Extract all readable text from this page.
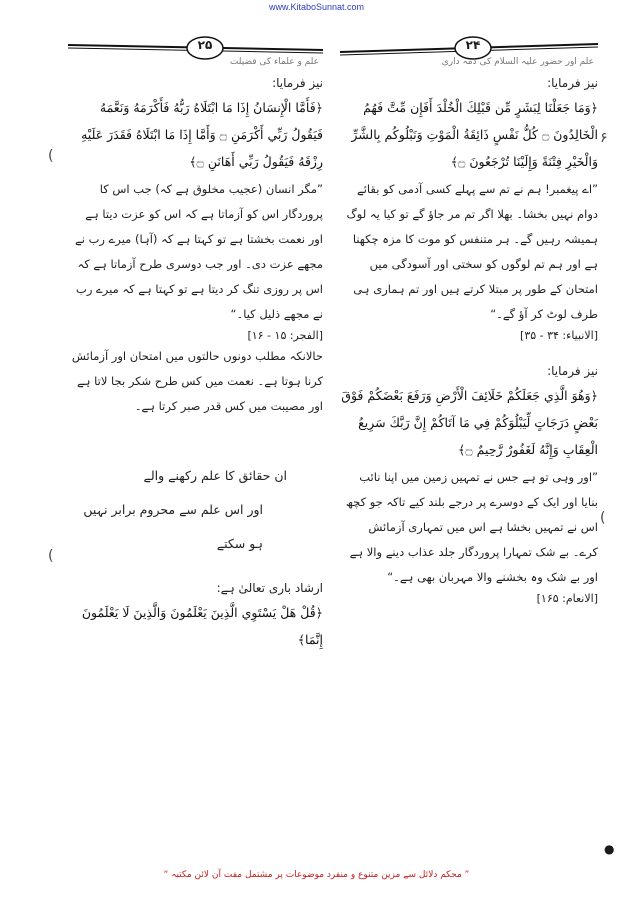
www.KitaboSunnat.com
۲۵
علم و علماء کی فضیلت
نیز فرمایا:
﴿فَأَمَّا الْإِنسَانُ إِذَا مَا ابْتَلَاهُ رَبُّهُ فَأَكْرَمَهُ وَنَعَّمَهُ فَيَقُولُ رَبِّي أَكْرَمَنِ ۝ وَأَمَّا إِذَا مَا ابْتَلَاهُ فَقَدَرَ عَلَيْهِ رِزْقَهُ فَيَقُولُ رَبِّي أَهَانَنِ ۝﴾
”مگر انسان (عجیب مخلوق ہے کہ) جب اس کا پروردگار اس کو آزماتا ہے کہ اس کو عزت دیتا ہے اور نعمت بخشتا ہے تو کہتا ہے کہ (آہا) میرے رب نے مجھے عزت دی۔ اور جب دوسری طرح آزماتا ہے کہ اس پر روزی تنگ کر دیتا ہے تو کہتا ہے کہ میرے رب نے مجھے ذلیل کیا۔“
[الفجر: ۱۵ - ۱۶]
حالانکہ مطلب دونوں حالتوں میں امتحان اور آزمائش کرنا ہوتا ہے۔ نعمت میں کس طرح شکر بجا لاتا ہے اور مصیبت میں کس قدر صبر کرتا ہے۔
ان حقائق کا علم رکھنے والے
اور اس علم سے محروم برابر نہیں ہو سکتے
ارشاد باری تعالیٰ ہے:
﴿قُلْ هَلْ يَسْتَوِي الَّذِينَ يَعْلَمُونَ وَالَّذِينَ لَا يَعْلَمُونَ إِنَّمَا﴾
۲۴
علم اور حضور علیہ السلام کی ذمہ داری
نیز فرمایا:
﴿وَمَا جَعَلْنَا لِبَشَرٍ مِّن قَبْلِكَ الْخُلْدَ أَفَإِن مِّتَّ فَهُمُ الْخَالِدُونَ ۝ كُلُّ نَفْسٍ ذَائِقَةُ الْمَوْتِ وَنَبْلُوكُم بِالشَّرِّ وَالْخَيْرِ فِتْنَةً وَإِلَيْنَا تُرْجَعُونَ ۝﴾
”اے پیغمبر! ہم نے تم سے پہلے کسی آدمی کو بقائے دوام نہیں بخشا۔ بھلا اگر تم مر جاؤ گے تو کیا یہ لوگ ہمیشہ رہیں گے۔ ہر متنفس کو موت کا مزہ چکھنا ہے اور ہم تم لوگوں کو سختی اور آسودگی میں امتحان کے طور پر مبتلا کرتے ہیں اور تم ہماری ہی طرف لوٹ کر آؤ گے۔“
[الانبیاء: ۳۴ - ۳۵]
نیز فرمایا:
﴿وَهُوَ الَّذِي جَعَلَكُمْ خَلَائِفَ الْأَرْضِ وَرَفَعَ بَعْضَكُمْ فَوْقَ بَعْضٍ دَرَجَاتٍ لِّيَبْلُوَكُمْ فِي مَا آتَاكُمْ إِنَّ رَبَّكَ سَرِيعُ الْعِقَابِ وَإِنَّهُ لَغَفُورٌ رَّحِيمٌ ۝﴾
”اور وہی تو ہے جس نے تمہیں زمین میں اپنا نائب بنایا اور ایک کے دوسرے پر درجے بلند کیے تاکہ جو کچھ اس نے تمہیں بخشا ہے اس میں تمہاری آزمائش کرے۔ بے شک تمہارا پروردگار جلد عذاب دینے والا ہے اور بے شک وہ بخشنے والا مہربان بھی ہے۔“
[الانعام: ۱۶۵]
(
(
۶
(
●
” محکم دلائل سے مزین متنوع و منفرد موضوعات پر مشتمل مفت آن لائن مکتبہ “
